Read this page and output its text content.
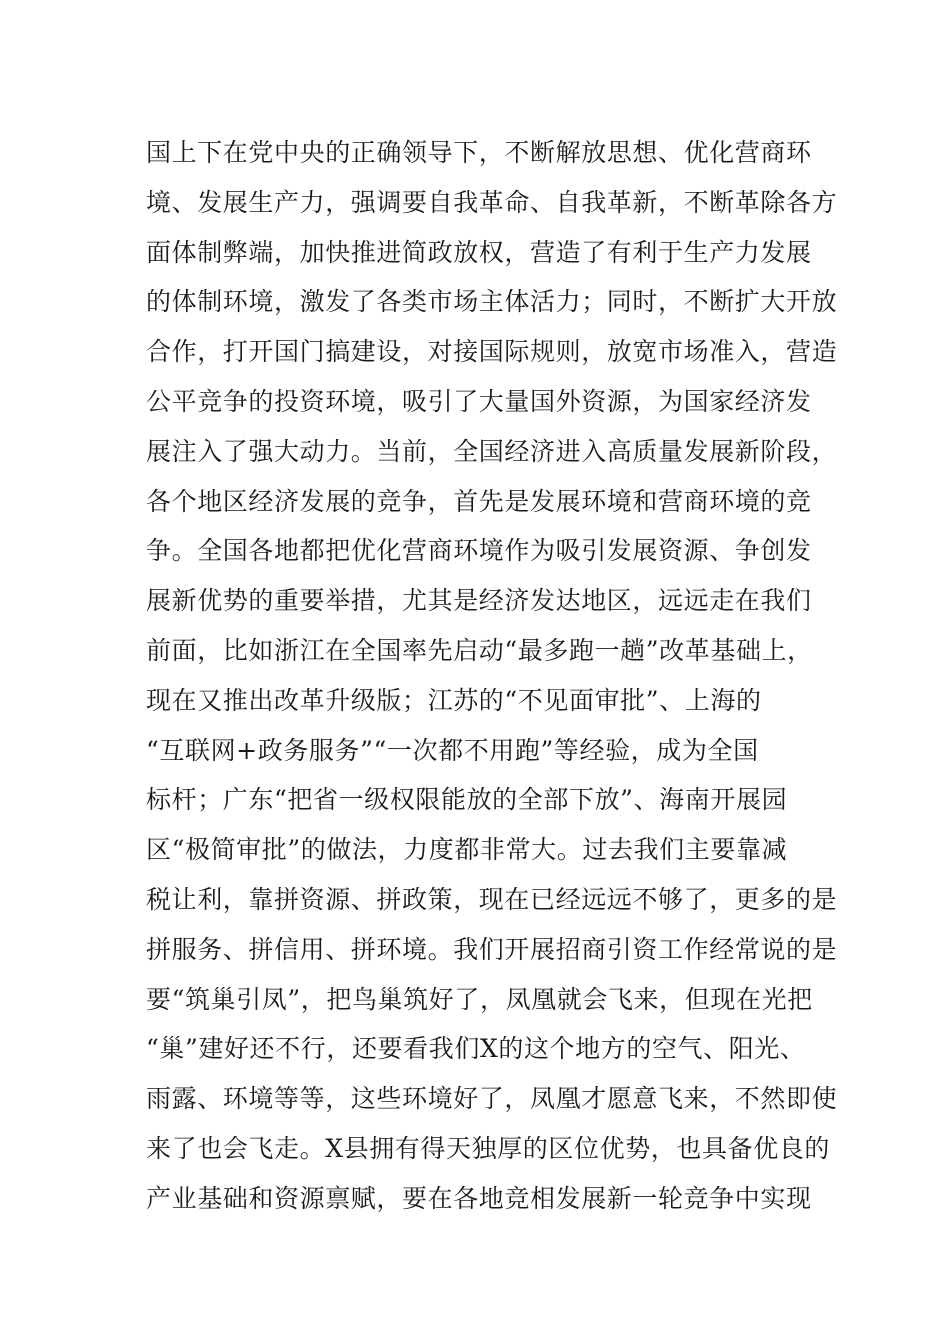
国上下在党中央的正确领导下，不断解放思想、优化营商环
境、发展生产力，强调要自我革命、自我革新，不断革除各方
面体制弊端，加快推进简政放权，营造了有利于生产力发展
的体制环境，激发了各类市场主体活力；同时，不断扩大开放
合作，打开国门搞建设，对接国际规则，放宽市场准入，营造
公平竞争的投资环境，吸引了大量国外资源，为国家经济发
展注入了强大动力。当前，全国经济进入高质量发展新阶段，
各个地区经济发展的竞争，首先是发展环境和营商环境的竞
争。全国各地都把优化营商环境作为吸引发展资源、争创发
展新优势的重要举措，尤其是经济发达地区，远远走在我们
前面，比如浙江在全国率先启动“最多跑一趟”改革基础上，
现在又推出改革升级版；江苏的“不见面审批”、上海的
“互联网+政务服务”“一次都不用跑”等经验，成为全国
标杆；广东“把省一级权限能放的全部下放”、海南开展园
区“极简审批”的做法，力度都非常大。过去我们主要靠减
税让利，靠拼资源、拼政策，现在已经远远不够了，更多的是
拼服务、拼信用、拼环境。我们开展招商引资工作经常说的是
要“筑巢引凤”，把鸟巢筑好了，凤凰就会飞来，但现在光把
“巢”建好还不行，还要看我们X的这个地方的空气、阳光、
雨露、环境等等，这些环境好了，凤凰才愿意飞来，不然即使
来了也会飞走。X县拥有得天独厚的区位优势，也具备优良的
产业基础和资源禀赋，要在各地竞相发展新一轮竞争中实现
